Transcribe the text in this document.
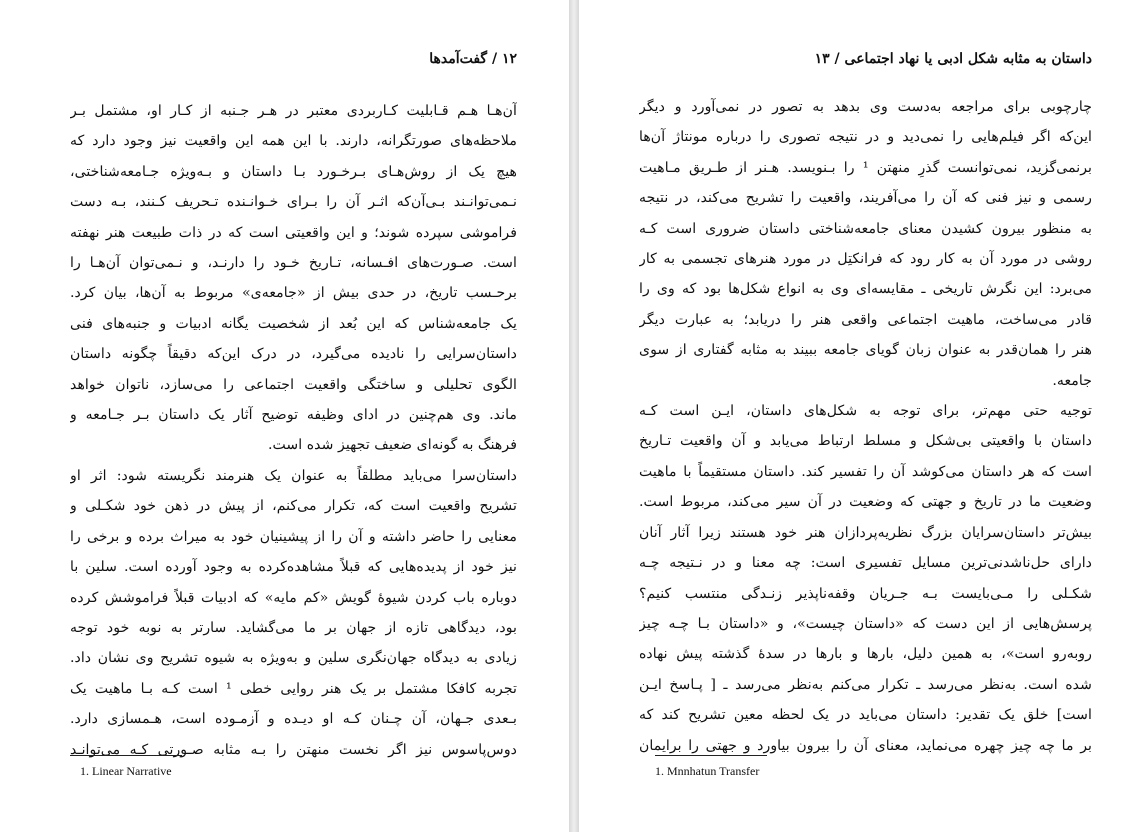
۱۲ / گفت‌آمدها
آن‌هـا هـم قـابلیت کـاربردی معتبر در هـر جـنبه از کـار او، مشتمل بـر
ملاحظه‌های صورتگرانه، دارند. با این همه این واقعیت نیز وجود دارد که
هیچ یک از روش‌هـای بـرخـورد بـا داستان و بـه‌ویژه جـامعه‌شناختی،
نـمی‌توانـند بـی‌آن‌که اثـر آن را بـرای خـوانـنده تـحریف کـنند، بـه دست
فراموشی سپرده شوند؛ و این واقعیتی است که در ذات طبیعت هنر نهفته
است. صـورت‌های افـسانه، تـاریخ خـود را دارنـد، و نـمی‌توان آن‌هـا را
برحـسب تاریخ، در حدی بیش از «جامعه‌ی» مربوط به آن‌ها، بیان کرد.
یک جامعه‌شناس که این بُعد از شخصیت یگانه ادبیات و جنبه‌های فنی
داستان‌سرایی را نادیده می‌گیرد، در درک این‌که دقیقاً چگونه داستان
الگوی تحلیلی و ساختگی واقعیت اجتماعی را می‌سازد، ناتوان خواهد
ماند. وی هم‌چنین در ادای وظیفه توضیح آثار یک داستان بـر جـامعه و
فرهنگ به گونه‌ای ضعیف تجهیز شده است.
داستان‌سرا می‌باید مطلقاً به عنوان یک هنرمند نگریسته شود: اثر او
تشریح واقعیت است که، تکرار می‌کنم، از پیش در ذهن خود شکـلی و
معنایی را حاضر داشته و آن را از پیشینیان خود به میراث برده و برخی را
نیز خود از پدیده‌هایی که قبلاً مشاهده‌کرده به وجود آورده است. سلین با
دوباره باب کردن شیوهٔ گویش «کم مایه» که ادبیات قبلاً فراموشش کرده
بود، دیدگاهی تازه از جهان بر ما می‌گشاید. سارتر به نوبه خود توجه
زیادی به دیدگاه جهان‌نگری سلین و به‌ویژه به شیوه تشریح وی نشان داد.
تجربه کافکا مشتمل بر یک هنر روایی خطی ¹ است کـه بـا ماهیت یک
بـعدی جـهان، آن چـنان کـه او دیـده و آزمـوده است، هـمسازی دارد.
دوس‌پاسوس نیز اگر نخست منهتن را بـه مثابه صـورتی کـه می‌توانـد
1. Linear Narrative
داستان به مثابه شکل ادبی یا نهاد اجتماعی / ۱۳
چارچوبی برای مراجعه به‌دست وی بدهد به تصور در نمی‌آورد و دیگر
این‌که اگر فیلم‌هایی را نمی‌دید و در نتیجه تصوری را درباره مونتاژ آن‌ها
برنمی‌گزید، نمی‌توانست گذرِ منهتن ¹ را بـنویسد. هـنر از طـریق مـاهیت
رسمی و نیز فنی که آن را می‌آفریند، واقعیت را تشریح می‌کند، در نتیجه
به منظور بیرون کشیدن معنای جامعه‌شناختی داستان ضروری است کـه
روشی در مورد آن به کار رود که فرانکتِل در مورد هنرهای تجسمی به کار
می‌برد: این نگرش تاریخی ـ مقایسه‌ای وی به انواع شکل‌ها بود که وی را
قادر می‌ساخت، ماهیت اجتماعی واقعی هنر را دریابد؛ به عبارت دیگر
هنر را همان‌قدر به عنوان زبان گویای جامعه ببیند به مثابه گفتاری از سوی
جامعه.
توجیه حتی مهم‌تر، برای توجه به شکل‌های داستان، ایـن است کـه
داستان با واقعیتی بی‌شکل و مسلط ارتباط می‌یابد و آن واقعیت تـاریخ
است که هر داستان می‌کوشد آن را تفسیر کند. داستان مستقیماً با ماهیت
وضعیت ما در تاریخ و جهتی که وضعیت در آن سیر می‌کند، مربوط است.
بیش‌تر داستان‌سرایان بزرگ نظریه‌پردازان هنر خود هستند زیرا آثار آنان
دارای حل‌ناشدنی‌ترین مسایل تفسیری است: چه معنا و در نـتیجه چـه
شکـلی را مـی‌بایست بـه جـریان وقفه‌ناپذیر زنـدگی منتسب کنیم؟
پرسش‌هایی از این دست که «داستان چیست»، و «داستان بـا چـه چیز
روبه‌رو است»، به همین دلیل، بارها و بارها در سدهٔ گذشته پیش نهاده
شده است. به‌نظر می‌رسد ـ تکرار می‌کنم به‌نظر می‌رسد ـ [ پـاسخ ایـن
است] خلق یک تقدیر: داستان می‌باید در یک لحظه معین تشریح کند که
بر ما چه چیز چهره می‌نماید، معنای آن را بیرون بیاورد و جهتی را برایمان
1. Mnnhatun Transfer
